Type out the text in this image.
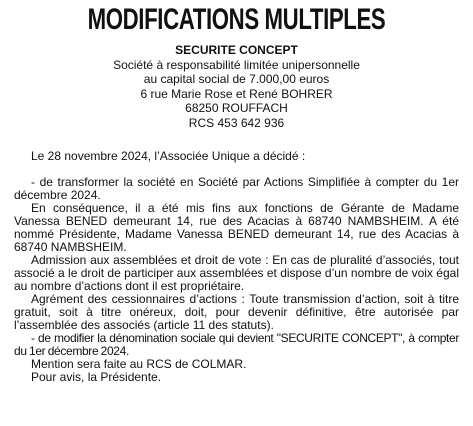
MODIFICATIONS MULTIPLES
SECURITE CONCEPT
Société à responsabilité limitée unipersonnelle
au capital social de 7.000,00 euros
6 rue Marie Rose et René BOHRER
68250 ROUFFACH
RCS 453 642 936

Le 28 novembre 2024, l’Associée Unique a décidé :

- de transformer la société en Société par Actions Simplifiée à compter du 1er décembre 2024.

En conséquence, il a été mis fins aux fonctions de Gérante de Madame Vanessa BENED demeurant 14, rue des Acacias à 68740 NAMBSHEIM. A été nommé Présidente, Madame Vanessa BENED demeurant 14, rue des Acacias à 68740 NAMBSHEIM.

Admission aux assemblées et droit de vote : En cas de pluralité d’associés, tout associé a le droit de participer aux assemblées et dispose d’un nombre de voix égal au nombre d’actions dont il est propriétaire.

Agrément des cessionnaires d’actions : Toute transmission d’action, soit à titre gratuit, soit à titre onéreux, doit, pour devenir définitive, être autorisée par l’assemblée des associés (article 11 des statuts).

- de modifier la dénomination sociale qui devient "SECURITE CONCEPT", à compter du 1er décembre 2024.

Mention sera faite au RCS de COLMAR.

Pour avis, la Présidente.
